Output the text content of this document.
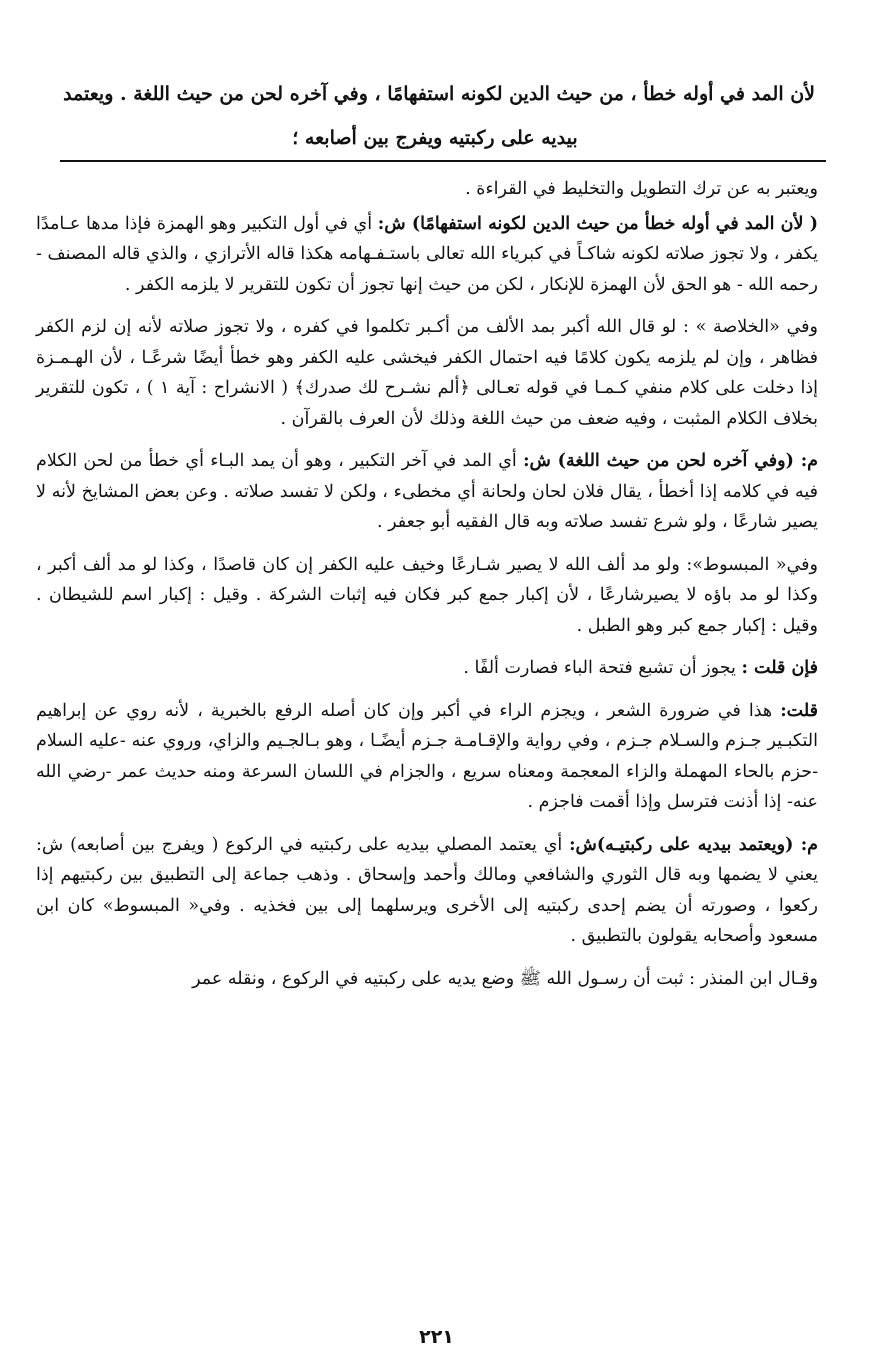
لأن المد في أوله خطأ ، من حيث الدين لكونه استفهامًا ، وفي آخره لحن من حيث اللغة . ويعتمد
بيديه على ركبتيه ويفرج بين أصابعه ؛

ويعتبر به عن ترك التطويل والتخليط في القراءة .

( لأن المد في أوله خطأ من حيث الدين لكونه استفهامًا) ش: أي في أول التكبير وهو الهمزة فإذا مدها عـامدًا يكفر ، ولا تجوز صلاته لكونه شاكـاً في كبرياء الله تعالى باستـفـهامه هكذا قاله الأترازي ، والذي قاله المصنف - رحمه الله - هو الحق لأن الهمزة للإنكار ، لكن من حيث إنها تجوز أن تكون للتقرير لا يلزمه الكفر .

وفي «الخلاصة » : لو قال الله أكبر بمد الألف من أكـبر تكلموا في كفره ، ولا تجوز صلاته لأنه إن لزم الكفر فظاهر ، وإن لم يلزمه يكون كلامًا فيه احتمال الكفر فيخشى عليه الكفر وهو خطأ أيضًا شرعًـا ، لأن الهـمـزة إذا دخلت على كلام منفي كـمـا في قوله تعـالى ﴿ألم نشـرح لك صدرك﴾ ( الانشراح : آية ١ ) ، تكون للتقرير بخلاف الكلام المثبت ، وفيه ضعف من حيث اللغة وذلك لأن العرف بالقرآن .

م: (وفي آخره لحن من حيث اللغة) ش: أي المد في آخر التكبير ، وهو أن يمد البـاء أي خطأ من لحن الكلام فيه في كلامه إذا أخطأ ، يقال فلان لحان ولحانة أي مخطىء ، ولكن لا تفسد صلاته . وعن بعض المشايخ لأنه لا يصير شارعًا ، ولو شرع تفسد صلاته وبه قال الفقيه أبو جعفر .

وفي« المبسوط»: ولو مد ألف الله لا يصير شـارعًا وخيف عليه الكفر إن كان قاصدًا ، وكذا لو مد ألف أكبر ، وكذا لو مد باؤه لا يصيرشارعًا ، لأن إكبار جمع كبر فكان فيه إثبات الشركة . وقيل : إكبار اسم للشيطان . وقيل : إكبار جمع كبر وهو الطبل .

فإن قلت : يجوز أن تشبع فتحة الباء فصارت ألفًا .

قلت: هذا في ضرورة الشعر ، ويجزم الراء في أكبر وإن كان أصله الرفع بالخبرية ، لأنه روي عن إبراهيم التكبـير جـزم والسـلام جـزم ، وفي رواية والإقـامـة جـزم أيضًـا ، وهو بـالجـيم والزاي، وروي عنه -عليه السلام -حزم بالحاء المهملة والزاء المعجمة ومعناه سريع ، والجزام في اللسان السرعة ومنه حديث عمر -رضي الله عنه- إذا أذنت فترسل وإذا أقمت فاجزم .

م: (ويعتمد بيديه على ركبتيـه)ش: أي يعتمد المصلي بيديه على ركبتيه في الركوع ( ويفرج بين أصابعه) ش: يعني لا يضمها وبه قال الثوري والشافعي ومالك وأحمد وإسحاق . وذهب جماعة إلى التطبيق بين ركبتيهم إذا ركعوا ، وصورته أن يضم إحدى ركبتيه إلى الأخرى ويرسلهما إلى بين فخذيه . وفي« المبسوط» كان ابن مسعود وأصحابه يقولون بالتطبيق .

وقـال ابن المنذر : ثبت أن رسـول الله ﷺ وضع يديه على ركبتيه في الركوع ، ونقله عمر

٢٢١
